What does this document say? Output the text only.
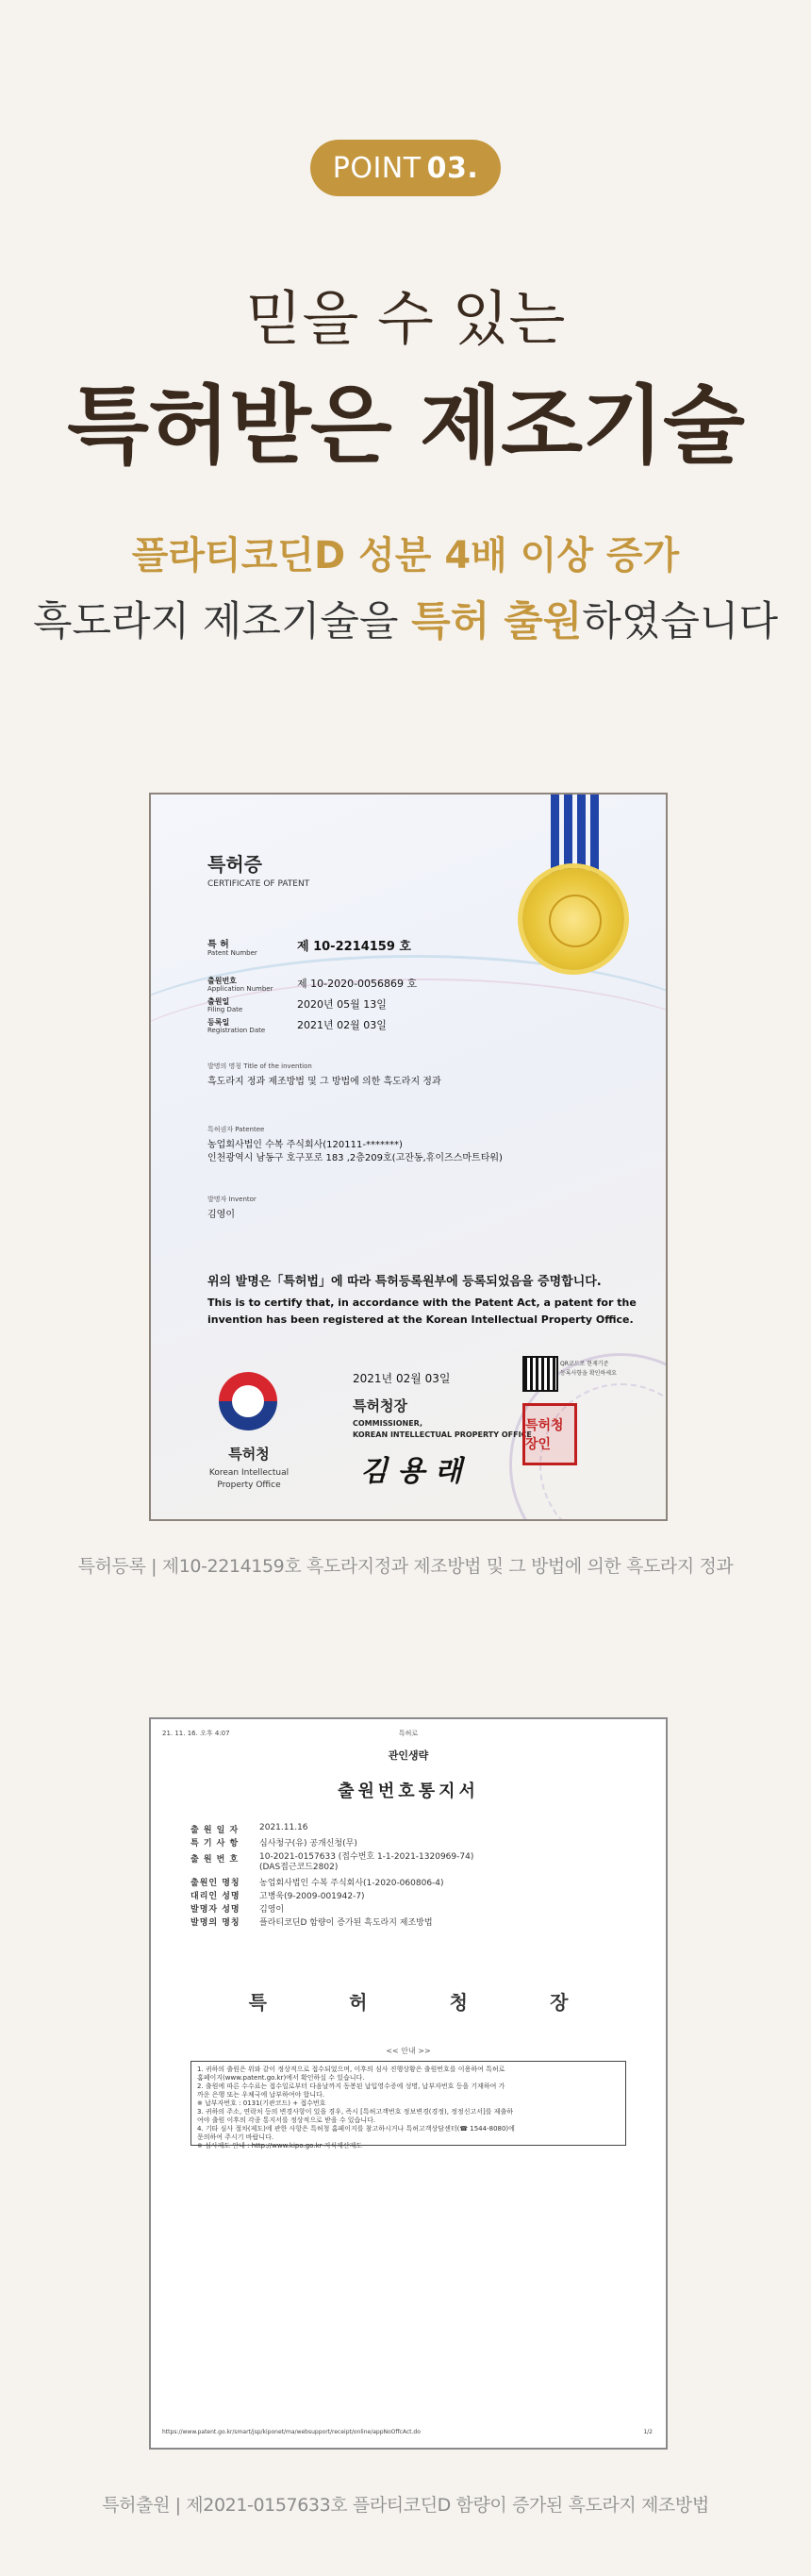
POINT 03.
믿을 수 있는
특허받은 제조기술
플라티코딘D 성분 4배 이상 증가
흑도라지 제조기술을 특허 출원하였습니다
특허증
CERTIFICATE OF PATENT
특 허
Patent Number	제 10-2214159 호
출원번호
Application Number 제 10-2020-0056869 호
출원일
Filing Date	2020년 05월 13일
등록일
Registration Date	2021년 02월 03일
발명의 명칭 Title of the invention
흑도라지 정과 제조방법 및 그 방법에 의한 흑도라지 정과
특허권자 Patentee
농업회사법인 수복 주식회사(120111-*******)
인천광역시 남동구 호구포로 183 ,2층209호(고잔동,휴이즈스마트타워)
발명자 Inventor
김영이
위의 발명은「특허법」에 따라 특허등록원부에 등록되었음을 증명합니다.
This is to certify that, in accordance with the Patent Act, a patent for the
invention has been registered at the Korean Intellectual Property Office.
특허청
Korean Intellectual
Property Office
2021년 02월 03일
특허청장
COMMISSIONER,
KOREAN INTELLECTUAL PROPERTY OFFICE
김 용 래
QR코드로 현재기준
등록사항을 확인하세요
특허청장인
특허등록 | 제10-2214159호 흑도라지정과 제조방법 및 그 방법에 의한 흑도라지 정과
21. 11. 16. 오후 4:07	특허로
관인생략
출원번호통지서
출 원 일 자 2021.11.16
특 기 사 항 심사청구(유) 공개신청(무)
출 원 번 호 10-2021-0157633 (접수번호 1-1-2021-1320969-74)
(DAS접근코드2802)
출원인 명칭 농업회사법인 수복 주식회사(1-2020-060806-4)
대리인 성명 고병욱(9-2009-001942-7)
발명자 성명 김영이
발명의 명칭 플라티코딘D 함량이 증가된 흑도라지 제조방법
특	허	청	장
<< 안내 >>
1. 귀하의 출원은 위와 같이 정상적으로 접수되었으며, 이후의 심사 진행상황은 출원번호를 이용하여 특허로
홈페이지(www.patent.go.kr)에서 확인하실 수 있습니다.
2. 출원에 따른 수수료는 접수일로부터 다음날까지 동봉된 납입영수증에 성명, 납부자번호 등을 기재하여 가
까운 은행 또는 우체국에 납부하여야 합니다.
※ 납부자번호 : 0131(기관코드) + 접수번호
3. 귀하의 주소, 연락처 등의 변경사항이 있을 경우, 즉시 [특허고객번호 정보변경(경정), 정정신고서]를 제출하
여야 출원 이후의 각종 통지서를 정상적으로 받을 수 있습니다.
4. 기타 심사 절차(제도)에 관한 사항은 특허청 홈페이지를 참고하시거나 특허고객상담센터(☎ 1544-8080)에
문의하여 주시기 바랍니다.
※ 심사제도 안내 : http://www.kipo.go.kr-지식재산제도
https://www.patent.go.kr/smart/jsp/kiponet/ma/websupport/receipt/online/appNoOffcAct.do	1/2
특허출원 | 제2021-0157633호 플라티코딘D 함량이 증가된 흑도라지 제조방법
